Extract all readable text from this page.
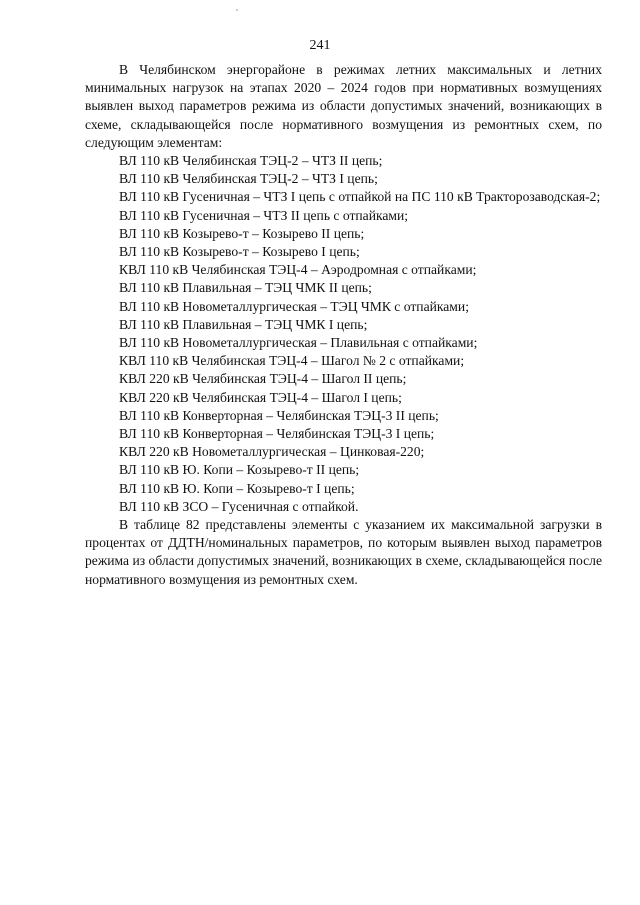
241

В Челябинском энергорайоне в режимах летних максимальных и летних минимальных нагрузок на этапах 2020 – 2024 годов при нормативных возмущениях выявлен выход параметров режима из области допустимых значений, возникающих в схеме, складывающейся после нормативного возмущения из ремонтных схем, по следующим элементам:

ВЛ 110 кВ Челябинская ТЭЦ-2 – ЧТЗ II цепь;
ВЛ 110 кВ Челябинская ТЭЦ-2 – ЧТЗ I цепь;
ВЛ 110 кВ Гусеничная – ЧТЗ I цепь с отпайкой на ПС 110 кВ Тракторозаводская-2;
ВЛ 110 кВ Гусеничная – ЧТЗ II цепь с отпайками;
ВЛ 110 кВ Козырево-т – Козырево II цепь;
ВЛ 110 кВ Козырево-т – Козырево I цепь;
КВЛ 110 кВ Челябинская ТЭЦ-4 – Аэродромная с отпайками;
ВЛ 110 кВ Плавильная – ТЭЦ ЧМК II цепь;
ВЛ 110 кВ Новометаллургическая – ТЭЦ ЧМК с отпайками;
ВЛ 110 кВ Плавильная – ТЭЦ ЧМК I цепь;
ВЛ 110 кВ Новометаллургическая – Плавильная с отпайками;
КВЛ 110 кВ Челябинская ТЭЦ-4 – Шагол № 2 с отпайками;
КВЛ 220 кВ Челябинская ТЭЦ-4 – Шагол II цепь;
КВЛ 220 кВ Челябинская ТЭЦ-4 – Шагол I цепь;
ВЛ 110 кВ Конверторная – Челябинская ТЭЦ-3 II цепь;
ВЛ 110 кВ Конверторная – Челябинская ТЭЦ-3 I цепь;
КВЛ 220 кВ Новометаллургическая – Цинковая-220;
ВЛ 110 кВ Ю. Копи – Козырево-т II цепь;
ВЛ 110 кВ Ю. Копи – Козырево-т I цепь;
ВЛ 110 кВ ЗСО – Гусеничная с отпайкой.

В таблице 82 представлены элементы с указанием их максимальной загрузки в процентах от ДДТН/номинальных параметров, по которым выявлен выход параметров режима из области допустимых значений, возникающих в схеме, складывающейся после нормативного возмущения из ремонтных схем.
